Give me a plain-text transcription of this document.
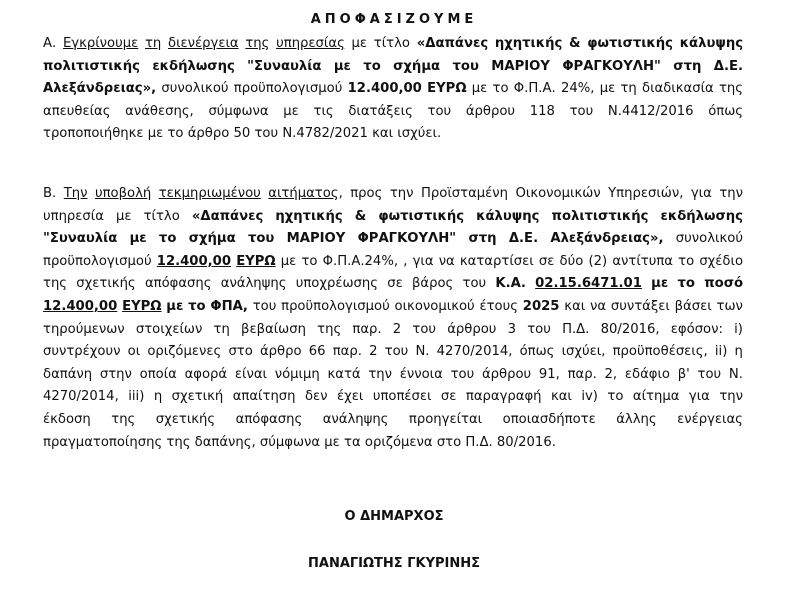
ΑΠΟΦΑΣΙΖΟΥΜΕ
Α. Εγκρίνουμε τη διενέργεια της υπηρεσίας με τίτλο «Δαπάνες ηχητικής & φωτιστικής κάλυψης
πολιτιστικής εκδήλωσης "Συναυλία με το σχήμα του ΜΑΡΙΟΥ ΦΡΑΓΚΟΥΛΗ" στη Δ.Ε.
Αλεξάνδρειας», συνολικού προϋπολογισμού 12.400,00 ΕΥΡΩ με το Φ.Π.Α. 24%, με τη διαδικασία της
απευθείας ανάθεσης, σύμφωνα με τις διατάξεις του άρθρου 118 του Ν.4412/2016 όπως
τροποποιήθηκε με το άρθρο 50 του Ν.4782/2021 και ισχύει.
Β. Την υποβολή τεκμηριωμένου αιτήματος, προς την Προϊσταμένη Οικονομικών Υπηρεσιών, για την
υπηρεσία με τίτλο «Δαπάνες ηχητικής & φωτιστικής κάλυψης πολιτιστικής εκδήλωσης
"Συναυλία με το σχήμα του ΜΑΡΙΟΥ ΦΡΑΓΚΟΥΛΗ" στη Δ.Ε. Αλεξάνδρειας», συνολικού
προϋπολογισμού 12.400,00 ΕΥΡΩ με το Φ.Π.Α.24%, , για να καταρτίσει σε δύο (2) αντίτυπα το σχέδιο
της σχετικής απόφασης ανάληψης υποχρέωσης σε βάρος του Κ.Α. 02.15.6471.01 με το ποσό
12.400,00 ΕΥΡΩ με το ΦΠΑ, του προϋπολογισμού οικονομικού έτους 2025 και να συντάξει βάσει των
τηρούμενων στοιχείων τη βεβαίωση της παρ. 2 του άρθρου 3 του Π.Δ. 80/2016, εφόσον: i)
συντρέχουν οι οριζόμενες στο άρθρο 66 παρ. 2 του Ν. 4270/2014, όπως ισχύει, προϋποθέσεις, ii) η
δαπάνη στην οποία αφορά είναι νόμιμη κατά την έννοια του άρθρου 91, παρ. 2, εδάφιο β' του Ν.
4270/2014, iii) η σχετική απαίτηση δεν έχει υποπέσει σε παραγραφή και iv) το αίτημα για την
έκδοση της σχετικής απόφασης ανάληψης προηγείται οποιασδήποτε άλλης ενέργειας
πραγματοποίησης της δαπάνης, σύμφωνα με τα οριζόμενα στο Π.Δ. 80/2016.
Ο ΔΗΜΑΡΧΟΣ
ΠΑΝΑΓΙΩΤΗΣ ΓΚΥΡΙΝΗΣ
